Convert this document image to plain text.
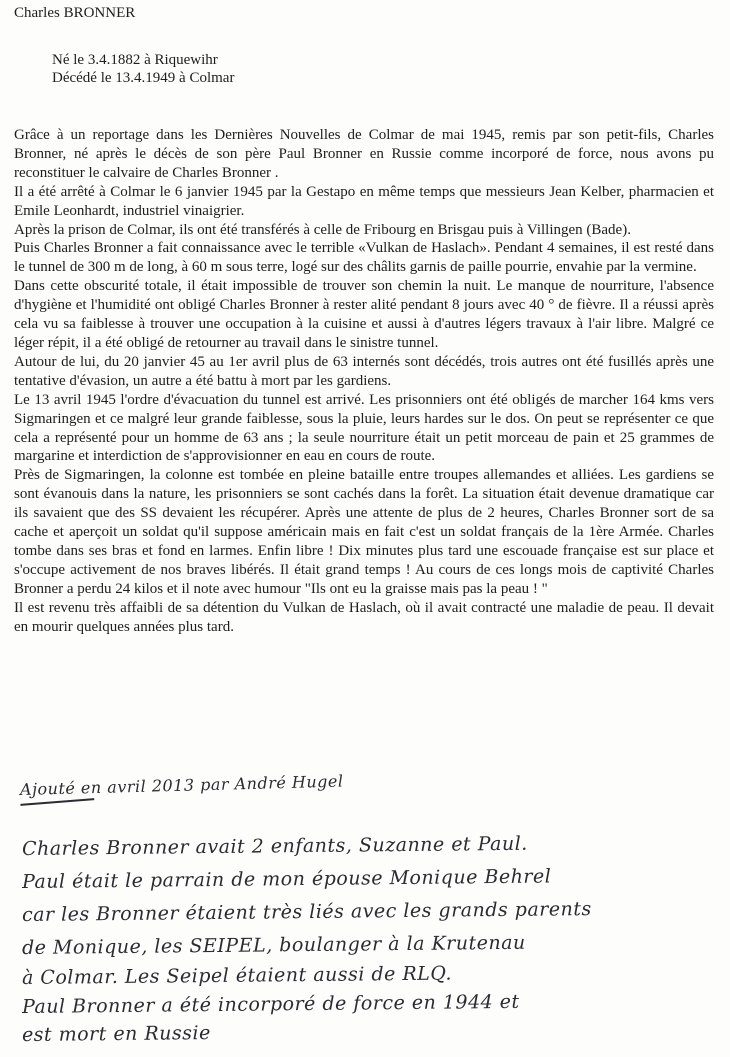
Charles BRONNER
Né le 3.4.1882 à Riquewihr
Décédé le 13.4.1949 à Colmar

Grâce à un reportage dans les Dernières Nouvelles de Colmar de mai 1945, remis par son petit-fils, Charles Bronner, né après le décès de son père Paul Bronner en Russie comme incorporé de force, nous avons pu reconstituer le calvaire de Charles Bronner .

Il a été arrêté à Colmar le 6 janvier 1945 par la Gestapo en même temps que messieurs Jean Kelber, pharmacien et Emile Leonhardt, industriel vinaigrier.

Après la prison de Colmar, ils ont été transférés à celle de Fribourg en Brisgau puis à Villingen (Bade).

Puis Charles Bronner a fait connaissance avec le terrible «Vulkan de Haslach». Pendant 4 semaines, il est resté dans le tunnel de 300 m de long, à 60 m sous terre, logé sur des châlits garnis de paille pourrie, envahie par la vermine.

Dans cette obscurité totale, il était impossible de trouver son chemin la nuit. Le manque de nourriture, l'absence d'hygiène et l'humidité ont obligé Charles Bronner à rester alité pendant 8 jours avec 40 ° de fièvre. Il a réussi après cela vu sa faiblesse à trouver une occupation à la cuisine et aussi à d'autres légers travaux à l'air libre. Malgré ce léger répit, il a été obligé de retourner au travail dans le sinistre tunnel.

Autour de lui, du 20 janvier 45 au 1er avril plus de 63 internés sont décédés, trois autres ont été fusillés après une tentative d'évasion, un autre a été battu à mort par les gardiens.

Le 13 avril 1945 l'ordre d'évacuation du tunnel est arrivé. Les prisonniers ont été obligés de marcher 164 kms vers Sigmaringen et ce malgré leur grande faiblesse, sous la pluie, leurs hardes sur le dos. On peut se représenter ce que cela a représenté pour un homme de 63 ans ; la seule nourriture était un petit morceau de pain et 25 grammes de margarine et interdiction de s'approvisionner en eau en cours de route.

Près de Sigmaringen, la colonne est tombée en pleine bataille entre troupes allemandes et alliées. Les gardiens se sont évanouis dans la nature, les prisonniers se sont cachés dans la forêt. La situation était devenue dramatique car ils savaient que des SS devaient les récupérer. Après une attente de plus de 2 heures, Charles Bronner sort de sa cache et aperçoit un soldat qu'il suppose américain mais en fait c'est un soldat français de la 1ère Armée. Charles tombe dans ses bras et fond en larmes. Enfin libre ! Dix minutes plus tard une escouade française est sur place et s'occupe activement de nos braves libérés. Il était grand temps ! Au cours de ces longs mois de captivité Charles Bronner a perdu 24 kilos et il note avec humour "Ils ont eu la graisse mais pas la peau ! "

Il est revenu très affaibli de sa détention du Vulkan de Haslach, où il avait contracté une maladie de peau. Il devait en mourir quelques années plus tard.

Ajouté en avril 2013 par André Hugel
Charles Bronner avait 2 enfants, Suzanne et Paul.
Paul était le parrain de mon épouse Monique Behrel
car les Bronner étaient très liés avec les grands parents
de Monique, les SEIPEL, boulanger à la Krutenau
à Colmar. Les Seipel étaient aussi de RLQ.
Paul Bronner a été incorporé de force en 1944 et
est mort en Russie
